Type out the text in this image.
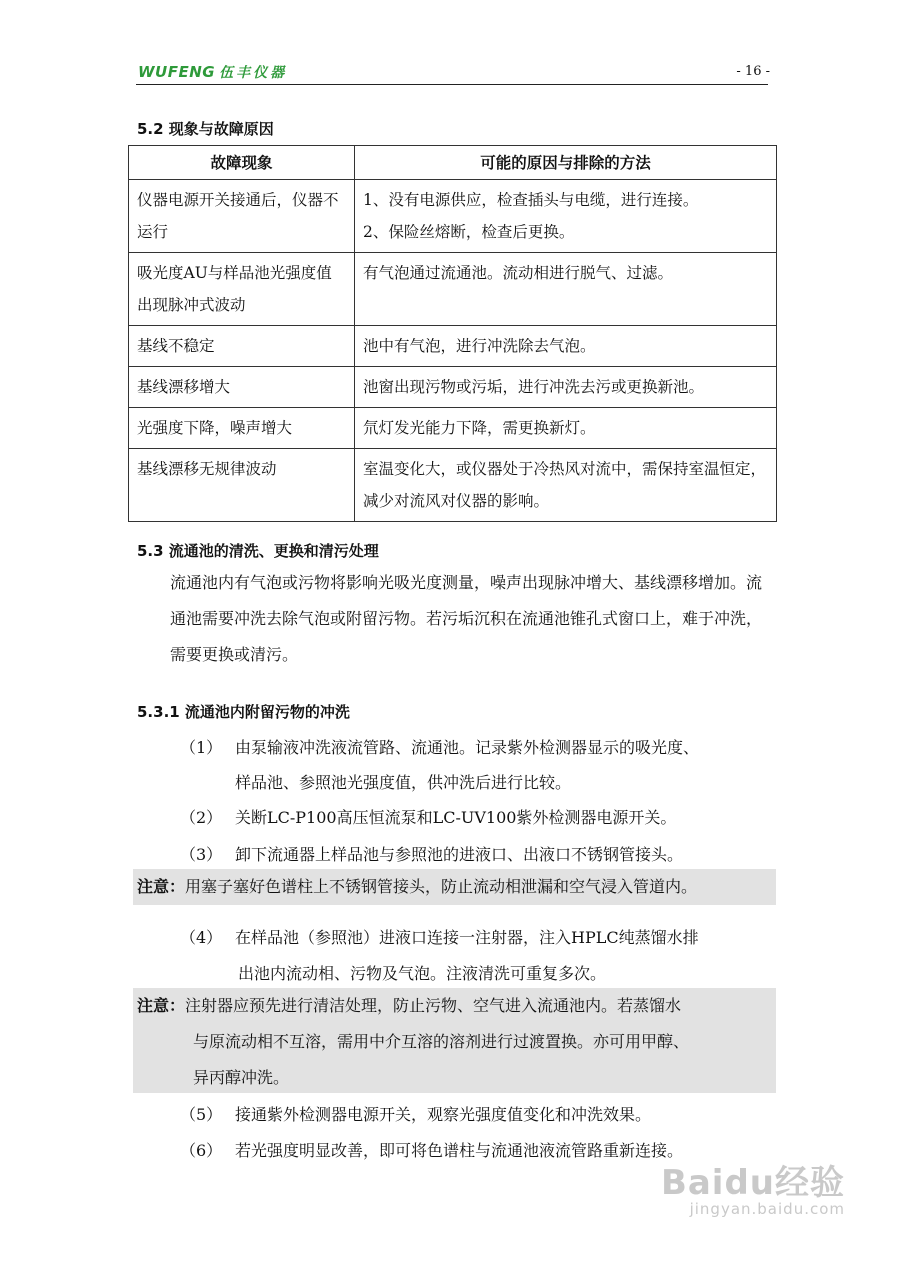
WUFENG 伍丰仪器	- 16 -
5.2 现象与故障原因
故障现象	可能的原因与排除的方法
仪器电源开关接通后，仪器不运行	1、没有电源供应，检查插头与电缆，进行连接。
2、保险丝熔断，检查后更换。

吸光度AU与样品池光强度值出现脉冲式波动	有气泡通过流通池。流动相进行脱气、过滤。
基线不稳定	池中有气泡，进行冲洗除去气泡。
基线漂移增大	池窗出现污物或污垢，进行冲洗去污或更换新池。
光强度下降，噪声增大	氘灯发光能力下降，需更换新灯。
基线漂移无规律波动	室温变化大，或仪器处于冷热风对流中，需保持室温恒定，减少对流风对仪器的影响。
5.3 流通池的清洗、更换和清污处理
流通池内有气泡或污物将影响光吸光度测量，噪声出现脉冲增大、基线漂移增加。流通池需要冲洗去除气泡或附留污物。若污垢沉积在流通池锥孔式窗口上，难于冲洗，需要更换或清污。
5.3.1 流通池内附留污物的冲洗
（1） 由泵输液冲洗液流管路、流通池。记录紫外检测器显示的吸光度、
样品池、参照池光强度值，供冲洗后进行比较。
（2） 关断LC-P100高压恒流泵和LC-UV100紫外检测器电源开关。
（3） 卸下流通器上样品池与参照池的进液口、出液口不锈钢管接头。
注意：用塞子塞好色谱柱上不锈钢管接头，防止流动相泄漏和空气浸入管道内。
（4） 在样品池（参照池）进液口连接一注射器，注入HPLC纯蒸馏水排
出池内流动相、污物及气泡。注液清洗可重复多次。
注意：注射器应预先进行清洁处理，防止污物、空气进入流通池内。若蒸馏水
与原流动相不互溶，需用中介互溶的溶剂进行过渡置换。亦可用甲醇、
异丙醇冲洗。
（5） 接通紫外检测器电源开关，观察光强度值变化和冲洗效果。
（6） 若光强度明显改善，即可将色谱柱与流通池液流管路重新连接。
Baidu经验
jingyan.baidu.com
